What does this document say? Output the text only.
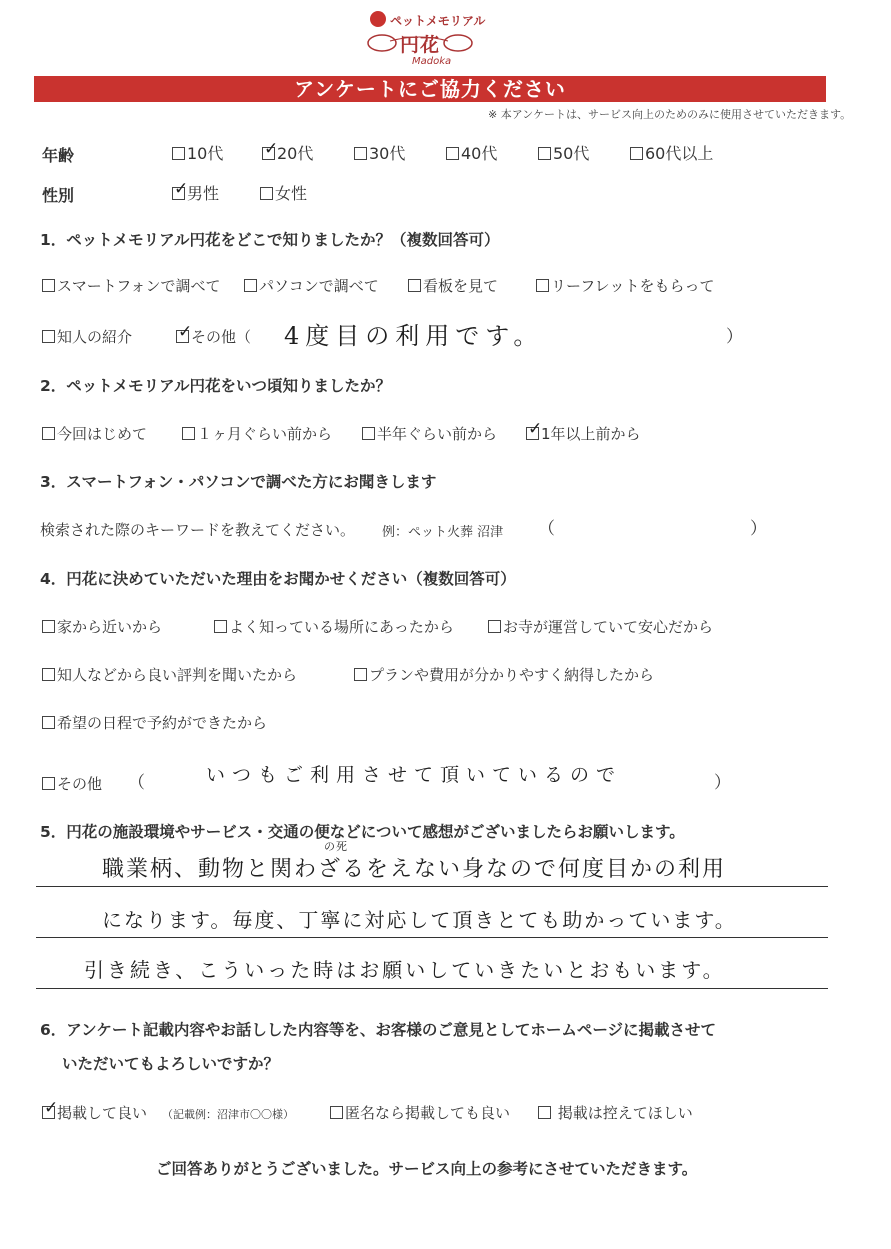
ペットメモリアル
円花
Madoka
アンケートにご協力ください
※ 本アンケートは、サービス向上のためのみに使用させていただきます。
年齢	10代 ✓
20代	30代	40代	50代	60代以上
性別	✓
男性	女性
1．ペットメモリアル円花をどこで知りましたか？（複数回答可）
スマートフォンで調べて	パソコンで調べて	看板を見て	リーフレットをもらって
知人の紹介	✓
その他（ 4度目の利用です。	）
2．ペットメモリアル円花をいつ頃知りましたか？
今回はじめて	１ヶ月ぐらい前から	半年ぐらい前から ✓
1年以上前から
3．スマートフォン・パソコンで調べた方にお聞きします
検索された際のキーワードを教えてください。 例：ペット火葬 沼津 （	）
4．円花に決めていただいた理由をお聞かせください（複数回答可）
家から近いから	よく知っている場所にあったから	お寺が運営していて安心だから
知人などから良い評判を聞いたから	プランや費用が分かりやすく納得したから
希望の日程で予約ができたから
その他 （	いつもご利用させて頂いているので	）
5．円花の施設環境やサービス・交通の便などについて感想がございましたらお願いします。
の死
職業柄、動物と関わざるをえない身なので何度目かの利用
になります。毎度、丁寧に対応して頂きとても助かっています。
引き続き、こういった時はお願いしていきたいとおもいます。
6．アンケート記載内容やお話しした内容等を、お客様のご意見としてホームページに掲載させて
いただいてもよろしいですか？
✓
掲載して良い （記載例：沼津市〇〇様）	匿名なら掲載しても良い	掲載は控えてほしい
ご回答ありがとうございました。サービス向上の参考にさせていただきます。
